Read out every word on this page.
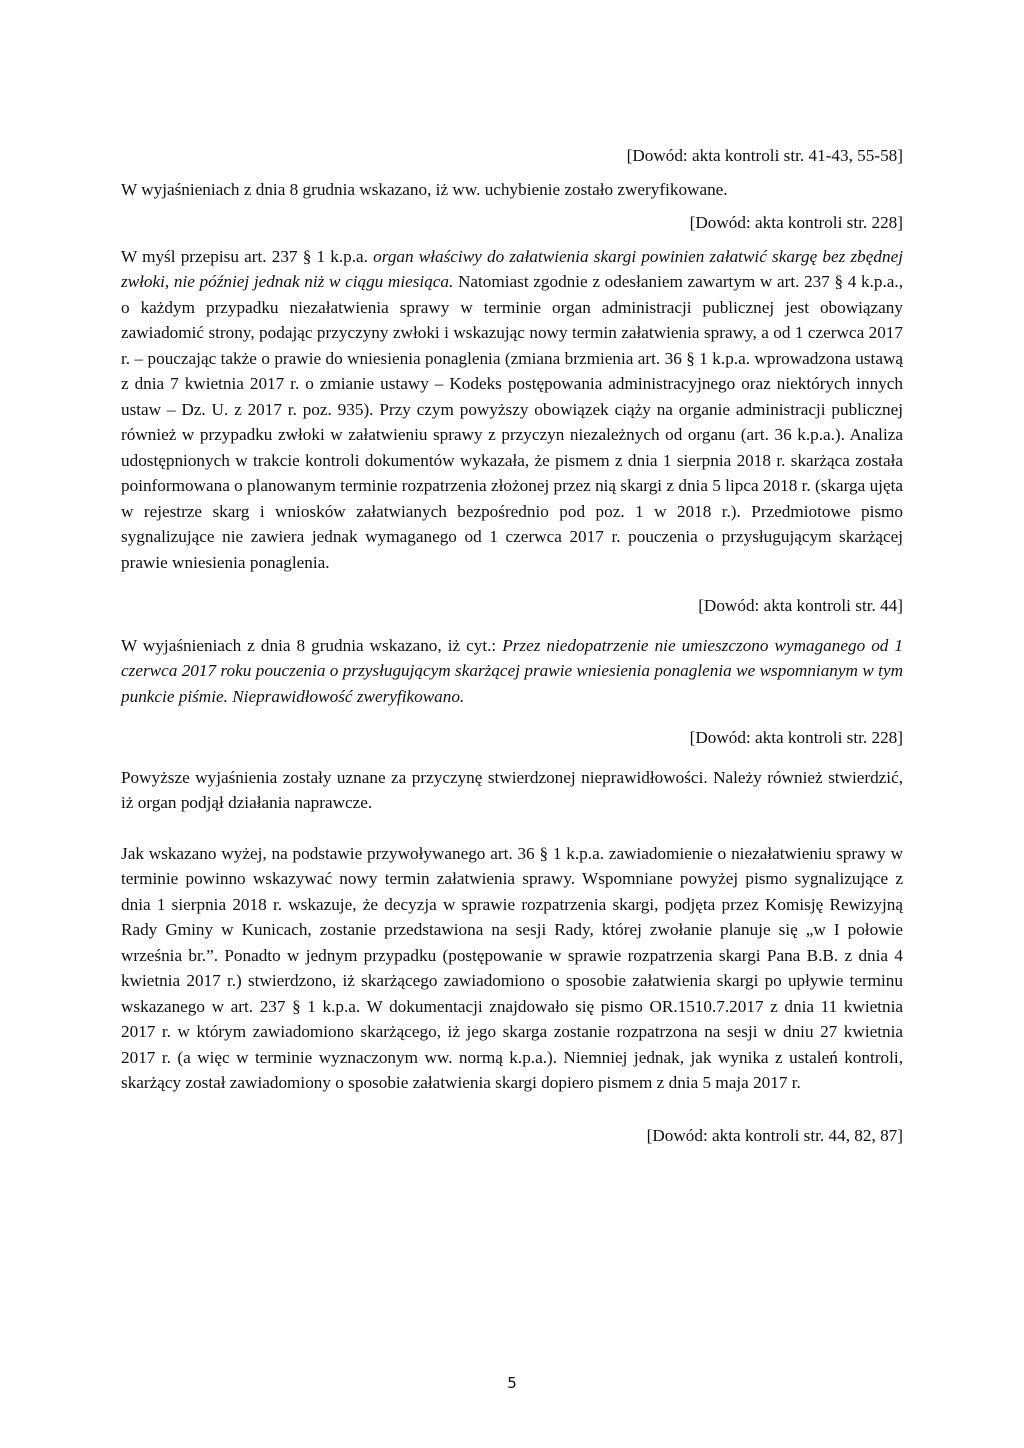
[Dowód: akta kontroli str. 41-43, 55-58]

W wyjaśnieniach z dnia 8 grudnia wskazano, iż ww. uchybienie zostało zweryfikowane.

[Dowód: akta kontroli str. 228]

W myśl przepisu art. 237 § 1 k.p.a. organ właściwy do załatwienia skargi powinien załatwić skargę bez zbędnej zwłoki, nie później jednak niż w ciągu miesiąca. Natomiast zgodnie z odesłaniem zawartym w art. 237 § 4 k.p.a., o każdym przypadku niezałatwienia sprawy w terminie organ administracji publicznej jest obowiązany zawiadomić strony, podając przyczyny zwłoki i wskazując nowy termin załatwienia sprawy, a od 1 czerwca 2017 r. – pouczając także o prawie do wniesienia ponaglenia (zmiana brzmienia art. 36 § 1 k.p.a. wprowadzona ustawą z dnia 7 kwietnia 2017 r. o zmianie ustawy – Kodeks postępowania administracyjnego oraz niektórych innych ustaw – Dz. U. z 2017 r. poz. 935). Przy czym powyższy obowiązek ciąży na organie administracji publicznej również w przypadku zwłoki w załatwieniu sprawy z przyczyn niezależnych od organu (art. 36 k.p.a.). Analiza udostępnionych w trakcie kontroli dokumentów wykazała, że pismem z dnia 1 sierpnia 2018 r. skarżąca została poinformowana o planowanym terminie rozpatrzenia złożonej przez nią skargi z dnia 5 lipca 2018 r. (skarga ujęta w rejestrze skarg i wniosków załatwianych bezpośrednio pod poz. 1 w 2018 r.). Przedmiotowe pismo sygnalizujące nie zawiera jednak wymaganego od 1 czerwca 2017 r. pouczenia o przysługującym skarżącej prawie wniesienia ponaglenia.

[Dowód: akta kontroli str. 44]

W wyjaśnieniach z dnia 8 grudnia wskazano, iż cyt.: Przez niedopatrzenie nie umieszczono wymaganego od 1 czerwca 2017 roku pouczenia o przysługującym skarżącej prawie wniesienia ponaglenia we wspomnianym w tym punkcie piśmie. Nieprawidłowość zweryfikowano.

[Dowód: akta kontroli str. 228]

Powyższe wyjaśnienia zostały uznane za przyczynę stwierdzonej nieprawidłowości. Należy również stwierdzić, iż organ podjął działania naprawcze.

Jak wskazano wyżej, na podstawie przywoływanego art. 36 § 1 k.p.a. zawiadomienie o niezałatwieniu sprawy w terminie powinno wskazywać nowy termin załatwienia sprawy. Wspomniane powyżej pismo sygnalizujące z dnia 1 sierpnia 2018 r. wskazuje, że decyzja w sprawie rozpatrzenia skargi, podjęta przez Komisję Rewizyjną Rady Gminy w Kunicach, zostanie przedstawiona na sesji Rady, której zwołanie planuje się „w I połowie września br.”. Ponadto w jednym przypadku (postępowanie w sprawie rozpatrzenia skargi Pana B.B. z dnia 4 kwietnia 2017 r.) stwierdzono, iż skarżącego zawiadomiono o sposobie załatwienia skargi po upływie terminu wskazanego w art. 237 § 1 k.p.a. W dokumentacji znajdowało się pismo OR.1510.7.2017 z dnia 11 kwietnia 2017 r. w którym zawiadomiono skarżącego, iż jego skarga zostanie rozpatrzona na sesji w dniu 27 kwietnia 2017 r. (a więc w terminie wyznaczonym ww. normą k.p.a.). Niemniej jednak, jak wynika z ustaleń kontroli, skarżący został zawiadomiony o sposobie załatwienia skargi dopiero pismem z dnia 5 maja 2017 r.

[Dowód: akta kontroli str. 44, 82, 87]

5
